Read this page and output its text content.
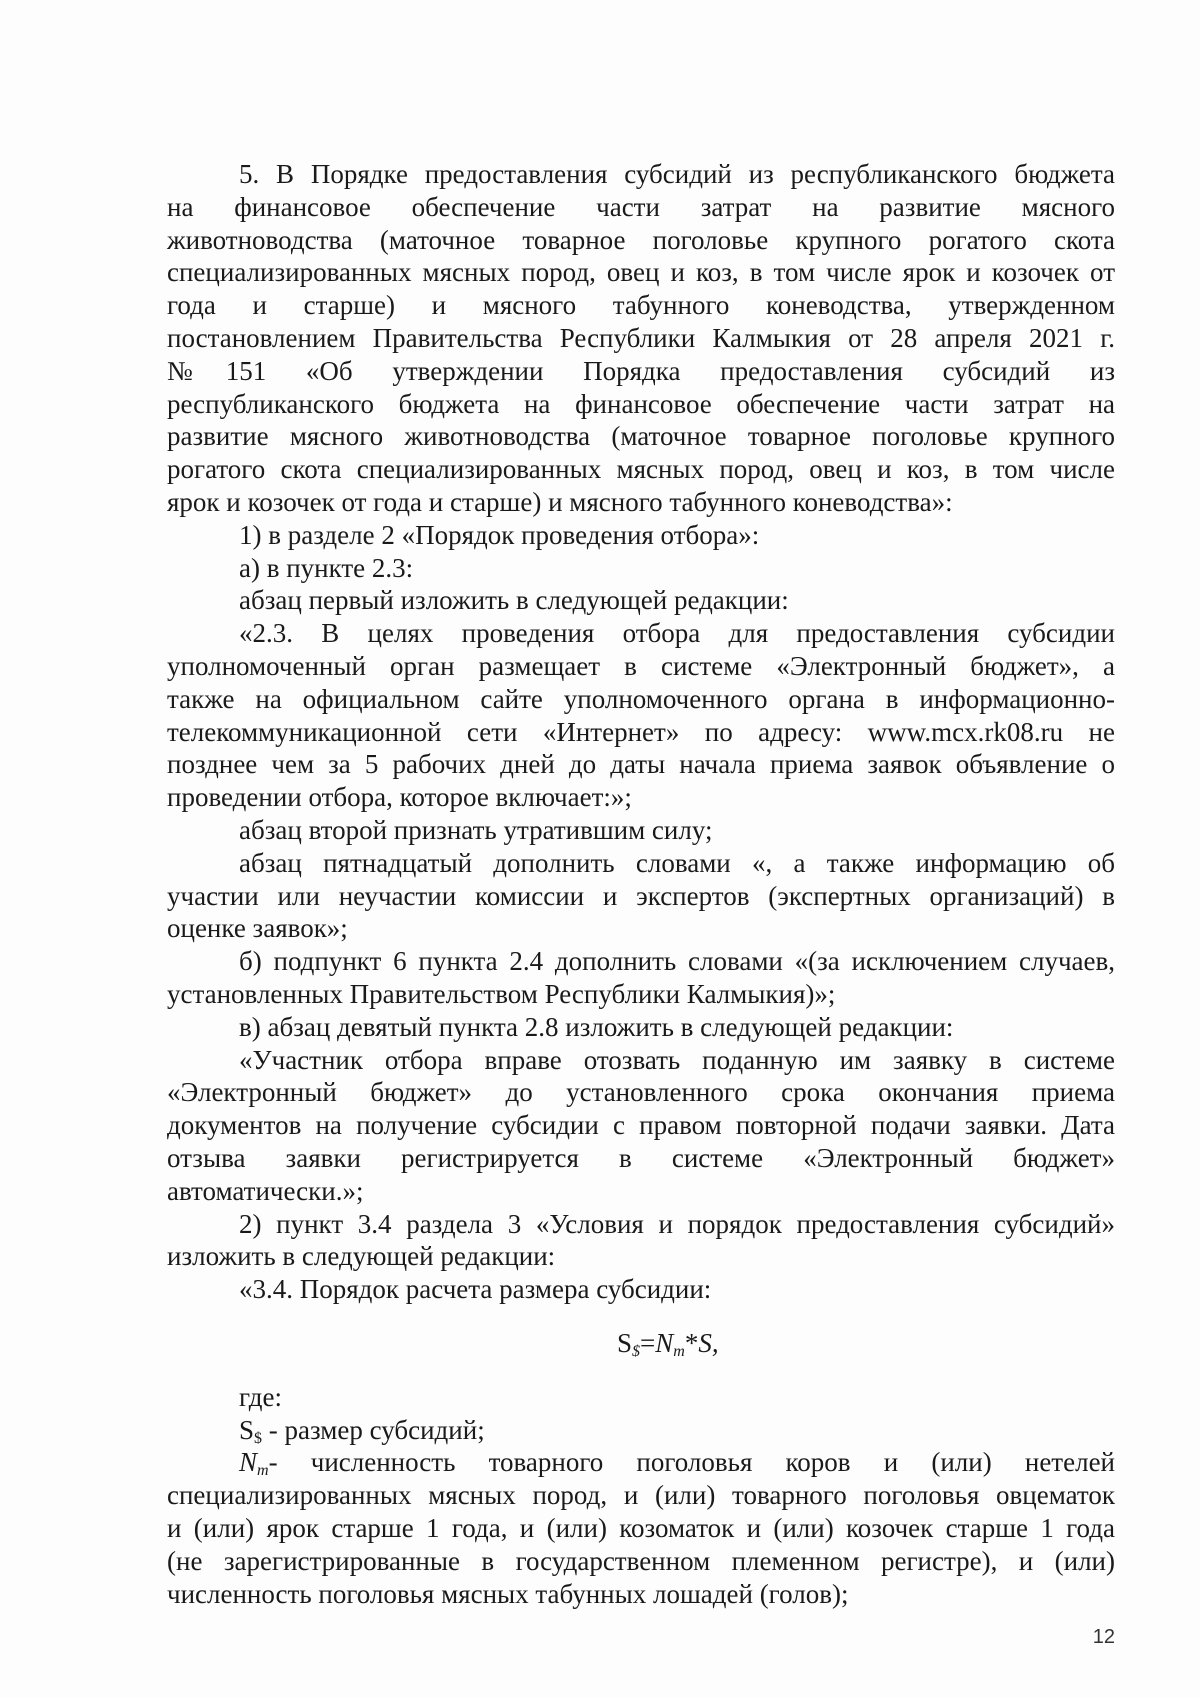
5. В Порядке предоставления субсидий из республиканского бюджета
на финансовое обеспечение части затрат на развитие мясного
животноводства (маточное товарное поголовье крупного рогатого скота
специализированных мясных пород, овец и коз, в том числе ярок и козочек от
года и старше) и мясного табунного коневодства, утвержденном
постановлением Правительства Республики Калмыкия от 28 апреля 2021 г.
№151 «Об утверждении Порядка предоставления субсидий из
республиканского бюджета на финансовое обеспечение части затрат на
развитие мясного животноводства (маточное товарное поголовье крупного
рогатого скота специализированных мясных пород, овец и коз, в том числе
ярок и козочек от года и старше) и мясного табунного коневодства»:
1) в разделе 2 «Порядок проведения отбора»:
а) в пункте 2.3:
абзац первый изложить в следующей редакции:
«2.3. В целях проведения отбора для предоставления субсидии
уполномоченный орган размещает в системе «Электронный бюджет», а
также на официальном сайте уполномоченного органа в информационно-
телекоммуникационной сети «Интернет» по адресу: www.mcx.rk08.ru не
позднее чем за 5 рабочих дней до даты начала приема заявок объявление о
проведении отбора, которое включает:»;
абзац второй признать утратившим силу;
абзац пятнадцатый дополнить словами «, а также информацию об
участии или неучастии комиссии и экспертов (экспертных организаций) в
оценке заявок»;
б) подпункт 6 пункта 2.4 дополнить словами «(за исключением случаев,
установленных Правительством Республики Калмыкия)»;
в) абзац девятый пункта 2.8 изложить в следующей редакции:
«Участник отбора вправе отозвать поданную им заявку в системе
«Электронный бюджет» до установленного срока окончания приема
документов на получение субсидии с правом повторной подачи заявки. Дата
отзыва заявки регистрируется в системе «Электронный бюджет»
автоматически.»;
2) пункт 3.4 раздела 3 «Условия и порядок предоставления субсидий»
изложить в следующей редакции:
«3.4. Порядок расчета размера субсидии:
$S_{\$}=N_m*S$,
где:
$S_{\$}$ - размер субсидий;
$N_m-$ численность товарного поголовья коров и (или) нетелей
специализированных мясных пород, и (или) товарного поголовья овцематок
и (или) ярок старше 1 года, и (или) козоматок и (или) козочек старше 1 года
(не зарегистрированные в государственном племенном регистре), и (или)
численность поголовья мясных табунных лошадей (голов);
12
